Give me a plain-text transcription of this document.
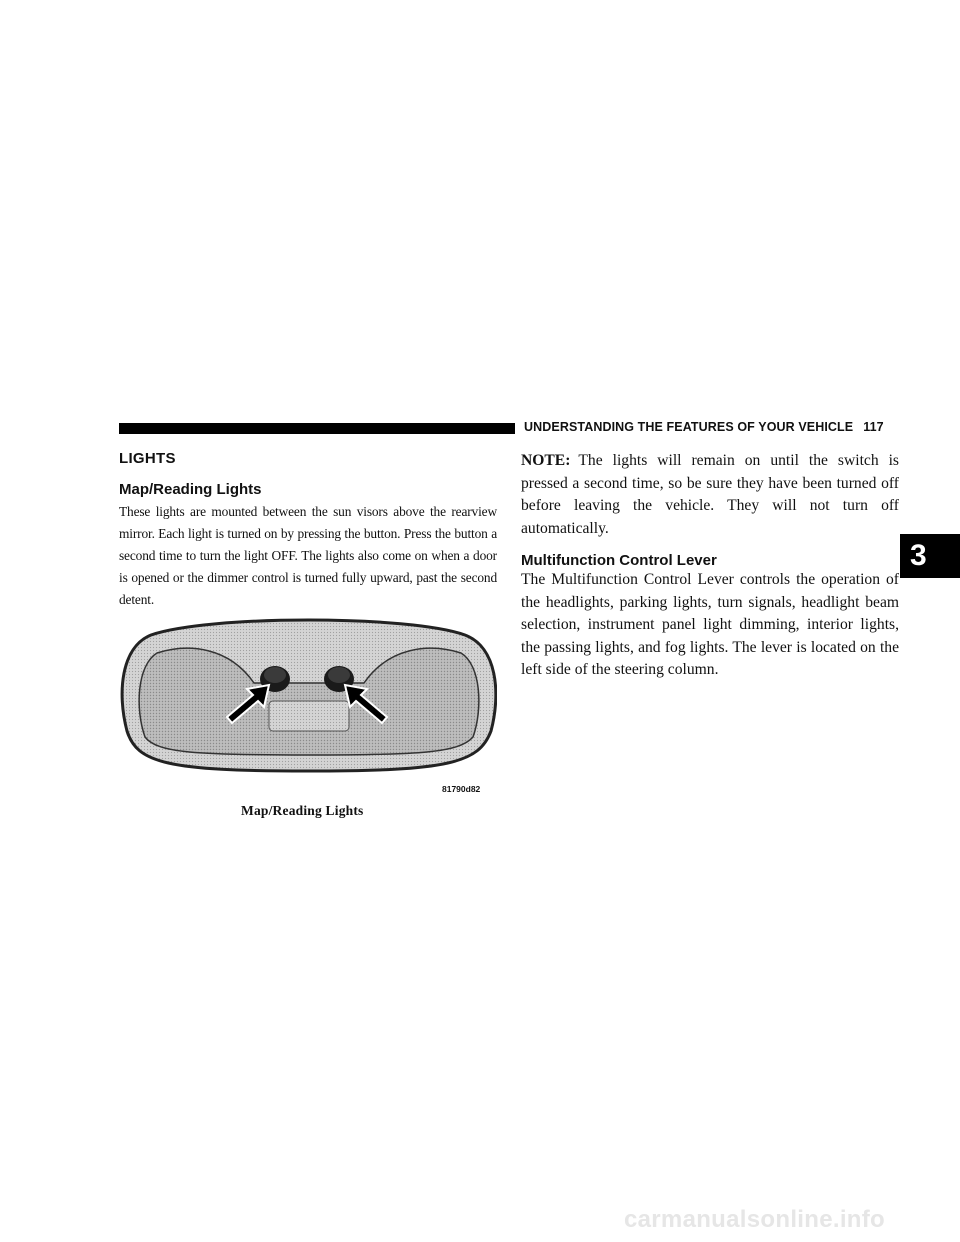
UNDERSTANDING THE FEATURES OF YOUR VEHICLE 117
LIGHTS
Map/Reading Lights
These lights are mounted between the sun visors above the rearview mirror. Each light is turned on by pressing the button. Press the button a second time to turn the light OFF. The lights also come on when a door is opened or the dimmer control is turned fully upward, past the second detent.
81790d82
Map/Reading Lights
NOTE: The lights will remain on until the switch is pressed a second time, so be sure they have been turned off before leaving the vehicle. They will not turn off automatically.
Multifunction Control Lever
The Multifunction Control Lever controls the operation of the headlights, parking lights, turn signals, headlight beam selection, instrument panel light dimming, interior lights, the passing lights, and fog lights. The lever is located on the left side of the steering column.
3
carmanualsonline.info
